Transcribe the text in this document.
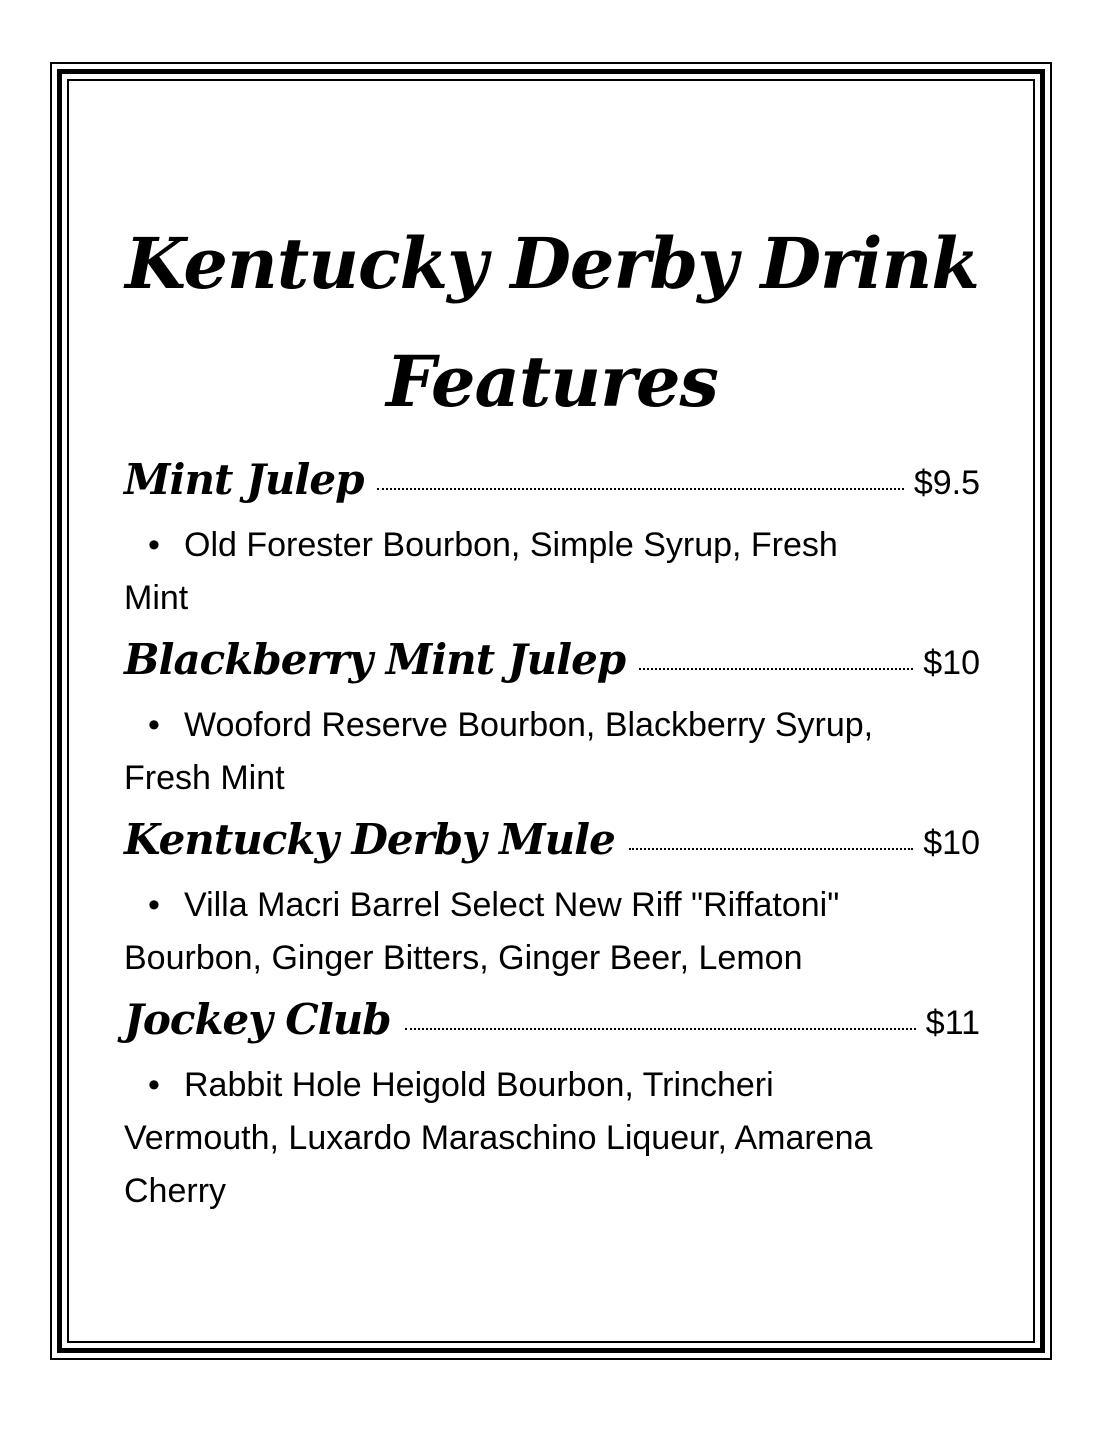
Kentucky Derby Drink Features
Mint Julep	$9.5

• Old Forester Bourbon, Simple Syrup, Fresh Mint

Blackberry Mint Julep	$10

• Wooford Reserve Bourbon, Blackberry Syrup, Fresh Mint

Kentucky Derby Mule	$10

• Villa Macri Barrel Select New Riff "Riffatoni" Bourbon, Ginger Bitters, Ginger Beer, Lemon

Jockey Club	$11

• Rabbit Hole Heigold Bourbon, Trincheri Vermouth, Luxardo Maraschino Liqueur, Amarena Cherry
